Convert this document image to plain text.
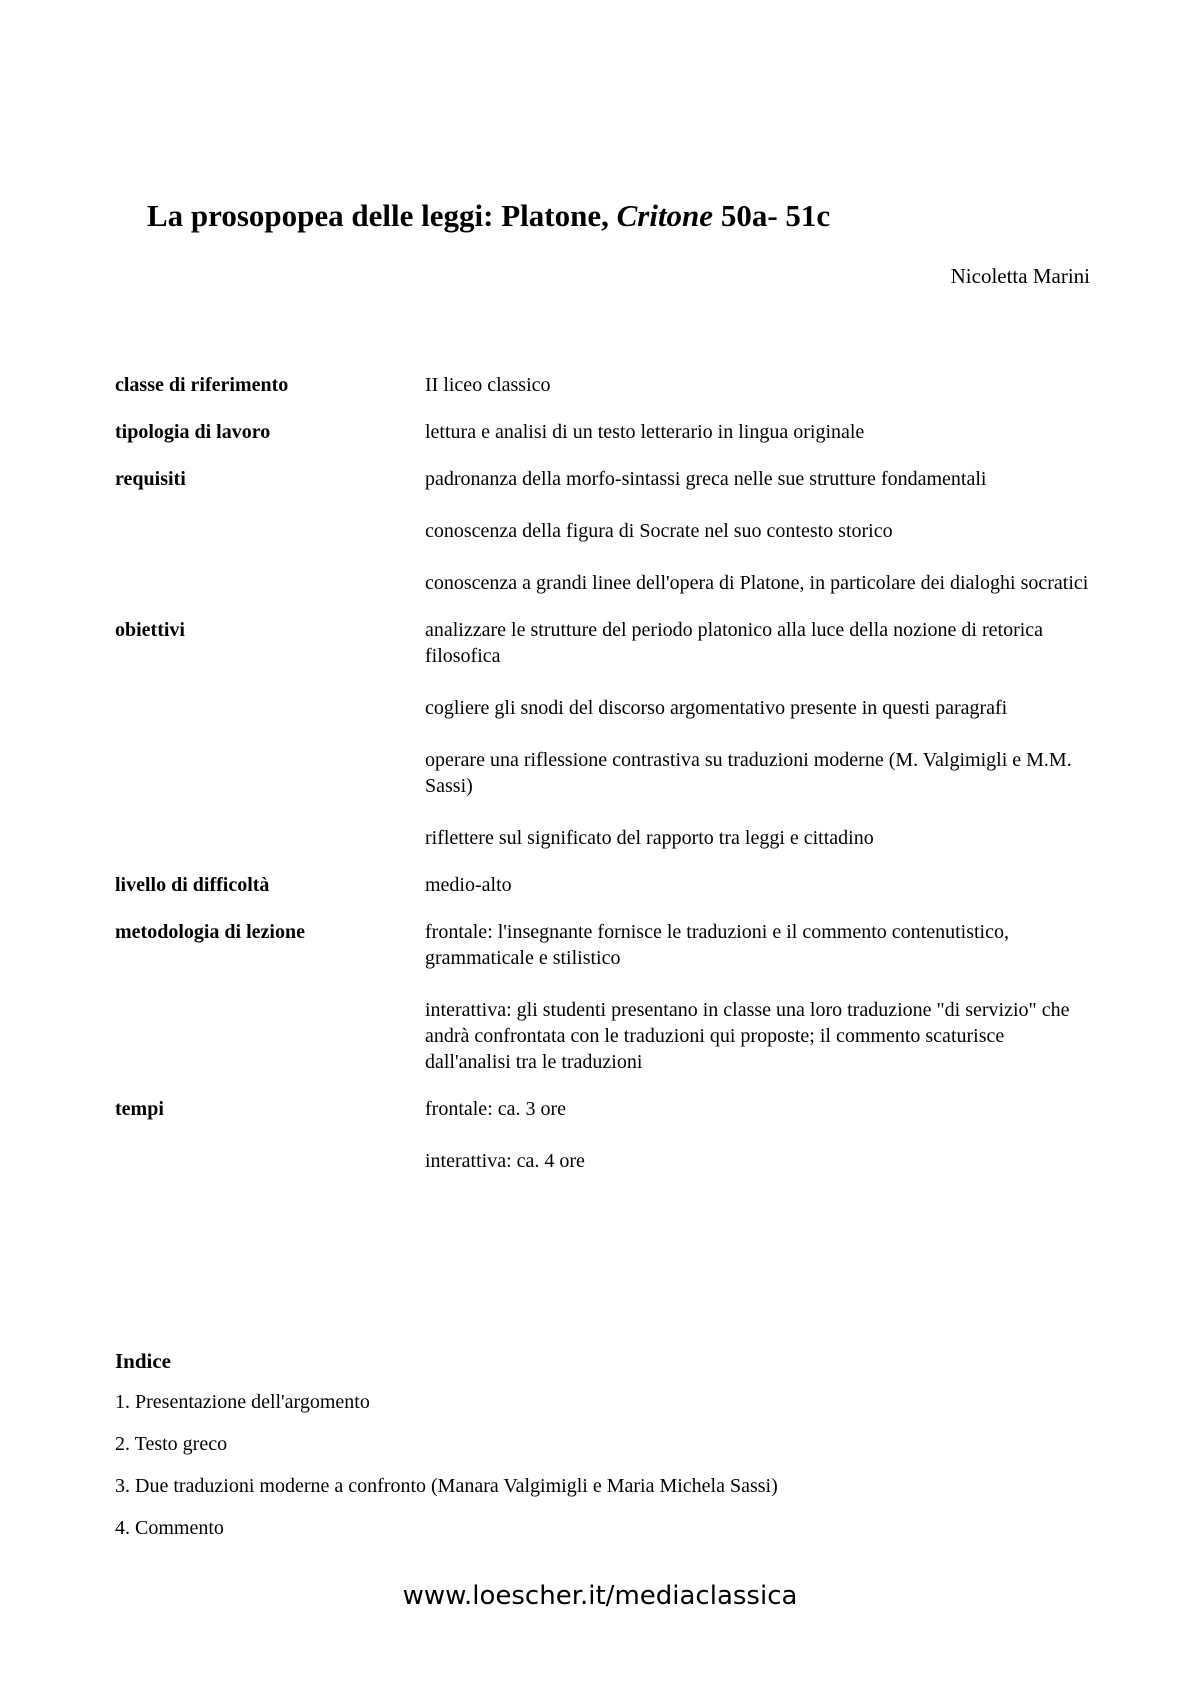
La prosopopea delle leggi: Platone, Critone 50a- 51c
Nicoletta Marini
classe di riferimento	II liceo classico

tipologia di lavoro	lettura e analisi di un testo letterario in lingua originale

requisiti	padronanza della morfo-sintassi greca nelle sue strutture fondamentali

conoscenza della figura di Socrate nel suo contesto storico

conoscenza a grandi linee dell'opera di Platone, in particolare dei dialoghi socratici

obiettivi	analizzare le strutture del periodo platonico alla luce della nozione di retorica filosofica

cogliere gli snodi del discorso argomentativo presente in questi paragrafi

operare una riflessione contrastiva su traduzioni moderne (M. Valgimigli e M.M. Sassi)

riflettere sul significato del rapporto tra leggi e cittadino

livello di difficoltà	medio-alto

metodologia di lezione	frontale: l'insegnante fornisce le traduzioni e il commento contenutistico, grammaticale e stilistico

interattiva: gli studenti presentano in classe una loro traduzione "di servizio" che andrà confrontata con le traduzioni qui proposte; il commento scaturisce dall'analisi tra le traduzioni

tempi	frontale: ca. 3 ore

interattiva: ca. 4 ore

Indice
1. Presentazione dell'argomento
2. Testo greco
3. Due traduzioni moderne a confronto (Manara Valgimigli e Maria Michela Sassi)
4. Commento
www.loescher.it/mediaclassica
